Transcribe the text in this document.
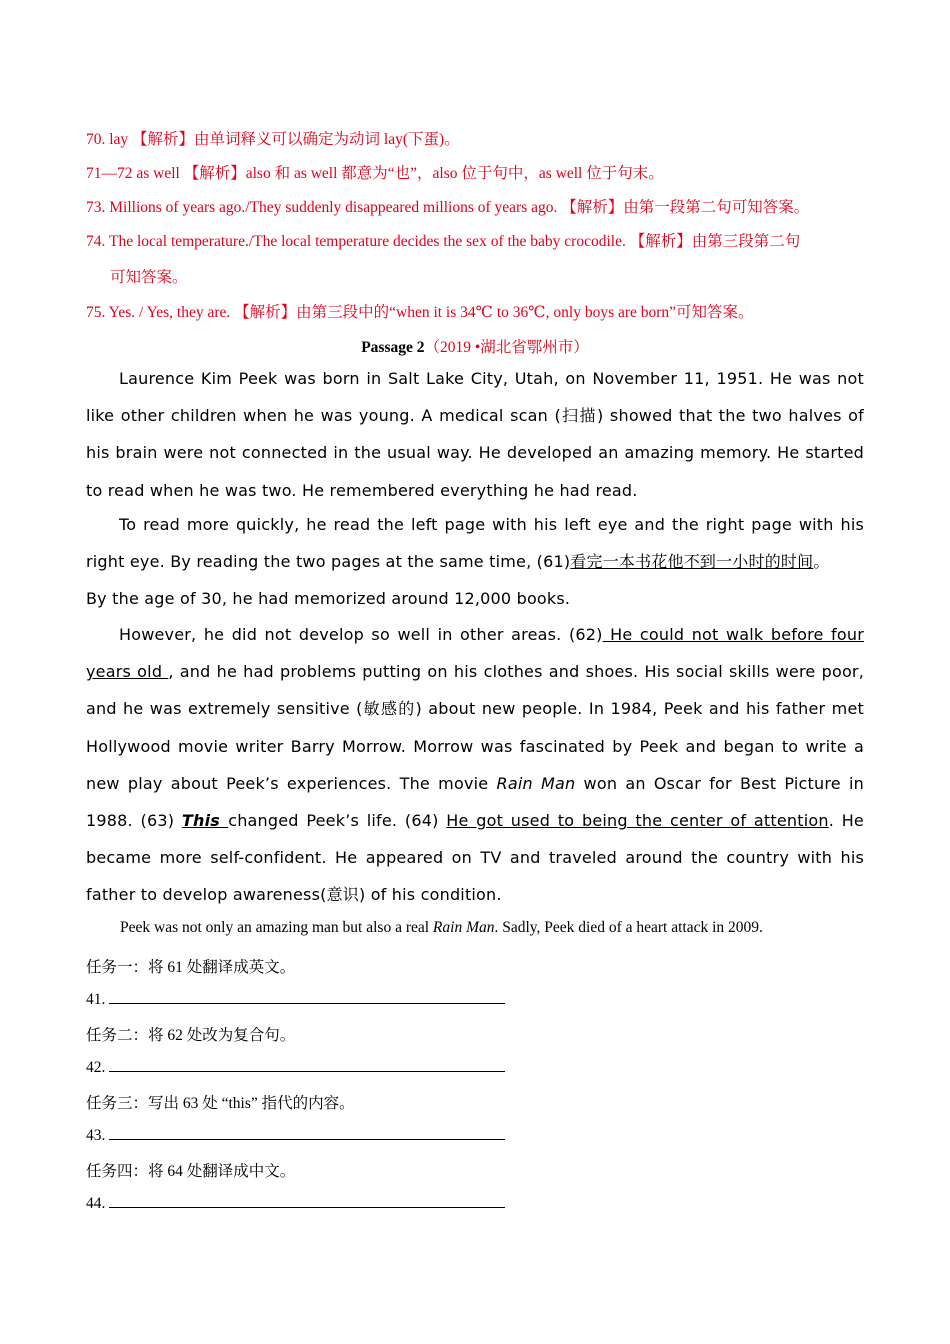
70. lay 【解析】由单词释义可以确定为动词 lay(下蛋)。
71—72 as well 【解析】also 和 as well 都意为“也”，also 位于句中，as well 位于句末。
73. Millions of years ago./They suddenly disappeared millions of years ago. 【解析】由第一段第二句可知答案。
74. The local temperature./The local temperature decides the sex of the baby crocodile. 【解析】由第三段第二句
可知答案。
75. Yes. / Yes, they are. 【解析】由第三段中的“when it is 34℃ to 36℃, only boys are born”可知答案。
Passage 2（2019 •湖北省鄂州市）
Laurence Kim Peek was born in Salt Lake City, Utah, on November 11, 1951. He was not like other children when he was young. A medical scan (扫描) showed that the two halves of his brain were not connected in the usual way. He developed an amazing memory. He started to read when he was two. He remembered everything he had read.
To read more quickly, he read the left page with his left eye and the right page with his right eye. By reading the two pages at the same time, (61)看完一本书花他不到一小时的时间。
By the age of 30, he had memorized around 12,000 books.
However, he did not develop so well in other areas. (62) He could not walk before four years old , and he had problems putting on his clothes and shoes. His social skills were poor, and he was extremely sensitive (敏感的) about new people. In 1984, Peek and his father met Hollywood movie writer Barry Morrow. Morrow was fascinated by Peek and began to write a new play about Peek’s experiences. The movie Rain Man won an Oscar for Best Picture in 1988. (63) This changed Peek’s life. (64) He got used to being the center of attention. He became more self-confident. He appeared on TV and traveled around the country with his father to develop awareness(意识) of his condition.
Peek was not only an amazing man but also a real Rain Man. Sadly, Peek died of a heart attack in 2009.
任务一：将 61 处翻译成英文。
41.
任务二：将 62 处改为复合句。
42.
任务三：写出 63 处 “this” 指代的内容。
43.
任务四：将 64 处翻译成中文。
44.
